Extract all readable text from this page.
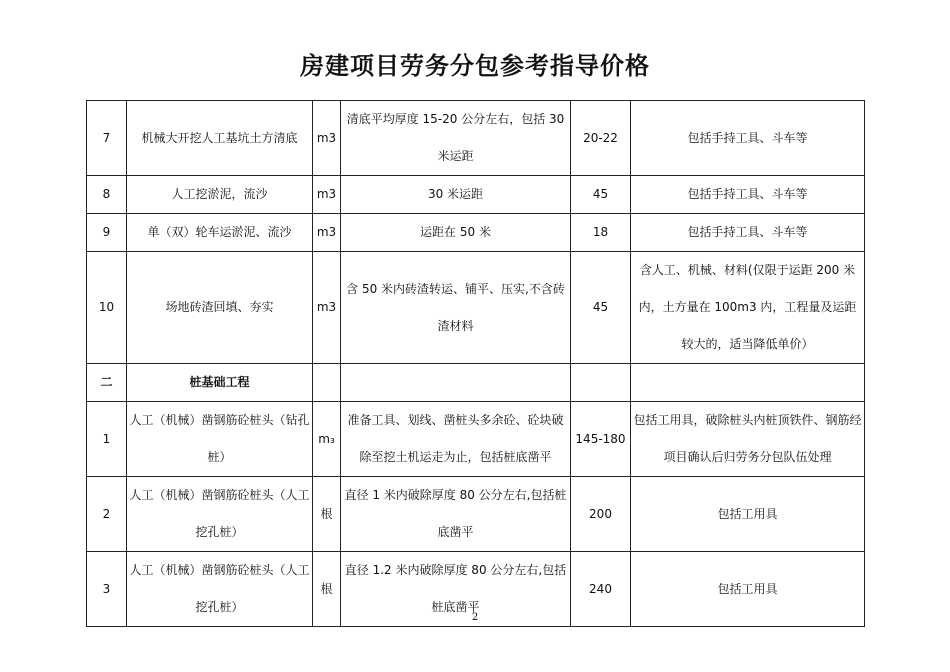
房建项目劳务分包参考指导价格
7	机械大开挖人工基坑土方清底	m3	清底平均厚度 15-20 公分左右，包括 30 米运距	20-22	包括手持工具、斗车等
8	人工挖淤泥，流沙	m3	30 米运距	45	包括手持工具、斗车等
9	单（双）轮车运淤泥、流沙	m3	运距在 50 米	18	包括手持工具、斗车等
10	场地砖渣回填、夯实	m3	含 50 米内砖渣转运、铺平、压实,不含砖渣材料	45	含人工、机械、材料(仅限于运距 200 米内，土方量在 100m3 内，工程量及运距较大的，适当降低单价）
二	桩基础工程				
1	人工（机械）凿钢筋砼桩头（钻孔桩）	m₃	准备工具、划线、凿桩头多余砼、砼块破除至挖土机运走为止，包括桩底凿平	145-180	包括工用具，破除桩头内桩顶铁件、钢筋经项目确认后归劳务分包队伍处理
2	人工（机械）凿钢筋砼桩头（人工挖孔桩）	根	直径 1 米内破除厚度 80 公分左右,包括桩底凿平	200	包括工用具
3	人工（机械）凿钢筋砼桩头（人工挖孔桩）	根	直径 1.2 米内破除厚度 80 公分左右,包括桩底凿平	240	包括工用具
2
